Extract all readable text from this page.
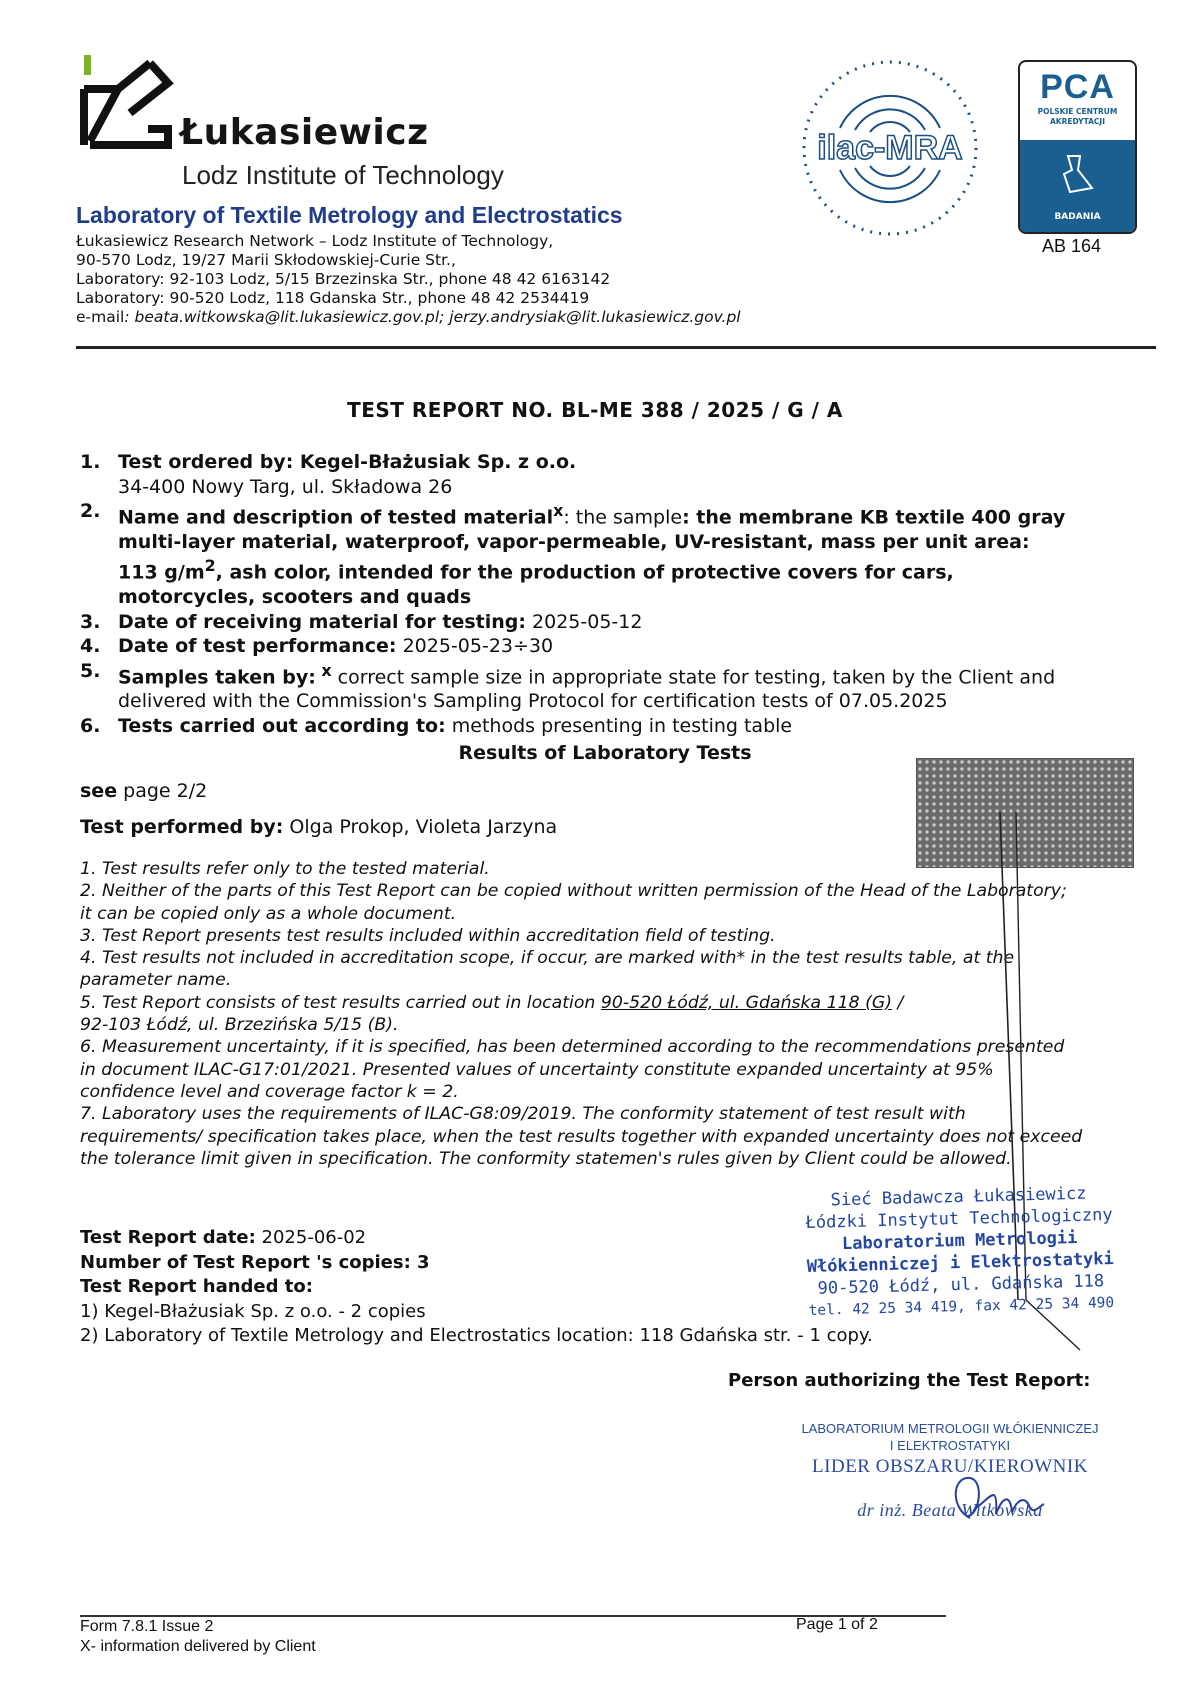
Łukasiewicz
Lodz Institute of Technology
Laboratory of Textile Metrology and Electrostatics
Łukasiewicz Research Network – Lodz Institute of Technology,
90-570 Lodz, 19/27 Marii Skłodowskiej-Curie Str.,
Laboratory: 92-103 Lodz, 5/15 Brzezinska Str., phone 48 42 6163142
Laboratory: 90-520 Lodz, 118 Gdanska Str., phone 48 42 2534419
e-mail: beata.witkowska@lit.lukasiewicz.gov.pl; jerzy.andrysiak@lit.lukasiewicz.gov.pl
ilac-MRA
PCA
POLSKIE CENTRUM
AKREDYTACJI
BADANIA
AB 164
TEST REPORT NO. BL-ME 388 / 2025 / G / A
1. Test ordered by: Kegel-Błażusiak Sp. z o.o.
34-400 Nowy Targ, ul. Składowa 26
2. Name and description of tested material$^x$: the sample: the membrane KB textile 400 gray
multi-layer material, waterproof, vapor-permeable, UV-resistant, mass per unit area:
113 $g/m^2$, ash color, intended for the production of protective covers for cars,
motorcycles, scooters and quads
3. Date of receiving material for testing: 2025-05-12
4. Date of test performance: 2025-05-23÷30
5. Samples taken by: $^x$ correct sample size in appropriate state for testing, taken by the Client and
delivered with the Commission's Sampling Protocol for certification tests of 07.05.2025
6. Tests carried out according to: methods presenting in testing table
Results of Laboratory Tests
see page 2/2
Test performed by: Olga Prokop, Violeta Jarzyna
1. Test results refer only to the tested material.
2. Neither of the parts of this Test Report can be copied without written permission of the Head of the Laboratory;
it can be copied only as a whole document.
3. Test Report presents test results included within accreditation field of testing.
4. Test results not included in accreditation scope, if occur, are marked with* in the test results table, at the
parameter name.
5. Test Report consists of test results carried out in location 90-520 Łódź, ul. Gdańska 118 (G) /
92-103 Łódź, ul. Brzezińska 5/15 (B).
6. Measurement uncertainty, if it is specified, has been determined according to the recommendations presented
in document ILAC-G17:01/2021. Presented values of uncertainty constitute expanded uncertainty at 95%
confidence level and coverage factor k = 2.
7. Laboratory uses the requirements of ILAC-G8:09/2019. The conformity statement of test result with
requirements/ specification takes place, when the test results together with expanded uncertainty does not exceed
the tolerance limit given in specification. The conformity statemen's rules given by Client could be allowed.
Sieć Badawcza Łukasiewicz
Łódzki Instytut Technologiczny
Laboratorium Metrologii
Włókienniczej i Elektrostatyki
90-520 Łódź, ul. Gdańska 118
tel. 42 25 34 419, fax 42 25 34 490
Test Report date: 2025-06-02
Number of Test Report 's copies: 3
Test Report handed to:
1) Kegel-Błażusiak Sp. z o.o. - 2 copies
2) Laboratory of Textile Metrology and Electrostatics location: 118 Gdańska str. - 1 copy.
Person authorizing the Test Report:
LABORATORIUM METROLOGII WŁÓKIENNICZEJ
I ELEKTROSTATYKI
LIDER OBSZARU/KIEROWNIK
dr inż. Beata Witkowska
Form 7.8.1 Issue 2
X- information delivered by Client
Page 1 of 2
